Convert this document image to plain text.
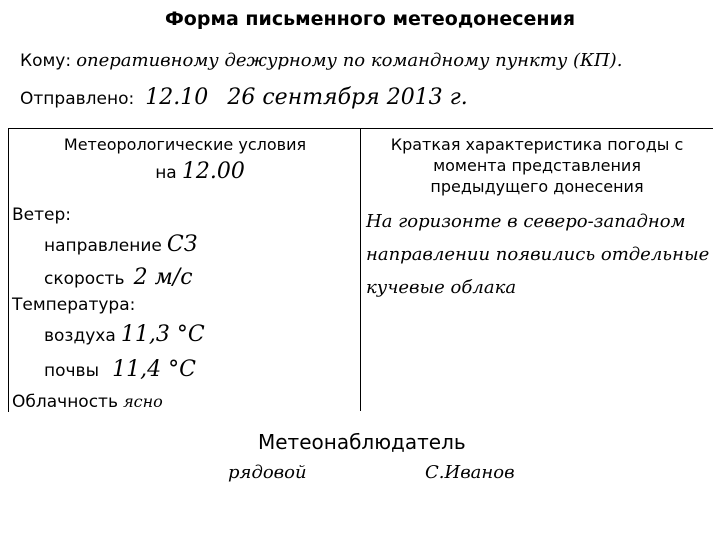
Форма письменного метеодонесения
Кому: оперативному дежурному по командному пункту (КП).
Отправлено: 12.10 26 сентября 2013 г.
Метеорологические условия
на 12.00
Краткая характеристика погоды с
момента представления
предыдущего донесения
Ветер:
направление СЗ
скорость 2 м/с
Температура:
воздуха 11,3 °С
почвы 11,4 °С
Облачность ясно
На горизонте в северо-западном
направлении появились отдельные
кучевые облака
Метеонаблюдатель
рядовой	С.Иванов
